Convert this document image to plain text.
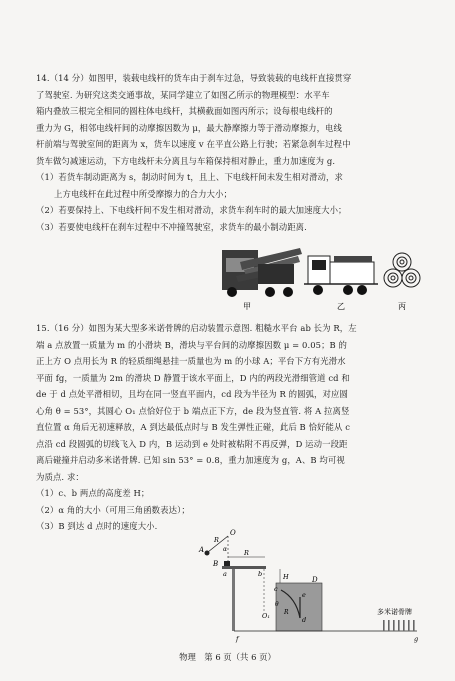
14.（14 分）如图甲，装载电线杆的货车由于刹车过急，导致装载的电线杆直接贯穿

了驾驶室. 为研究这类交通事故，某同学建立了如图乙所示的物理模型：水平车

箱内叠放三根完全相同的圆柱体电线杆，其横截面如图丙所示；设每根电线杆的

重力为 G，相邻电线杆间的动摩擦因数为 μ，最大静摩擦力等于滑动摩擦力，电线

杆前端与驾驶室间的距离为 x，货车以速度 v 在平直公路上行驶；若紧急刹车过程中

货车做匀减速运动，下方电线杆未分离且与车箱保持相对静止，重力加速度为 g.

（1）若货车制动距离为 s，制动时间为 t，且上、下电线杆间未发生相对滑动，求

上方电线杆在此过程中所受摩擦力的合力大小；

（2）若要保持上、下电线杆间不发生相对滑动，求货车刹车时的最大加速度大小；

（3）若要使电线杆在刹车过程中不冲撞驾驶室，求货车的最小制动距离.

甲	乙	丙

15.（16 分）如图为某大型多米诺骨牌的启动装置示意图. 粗糙水平台 ab 长为 R，左

端 a 点放置一质量为 m 的小滑块 B，滑块与平台间的动摩擦因数 μ = 0.05；B 的

正上方 O 点用长为 R 的轻质细绳悬挂一质量也为 m 的小球 A；平台下方有光滑水

平面 fg，一质量为 2m 的滑块 D 静置于该水平面上，D 内的两段光滑细管道 cd 和

de 于 d 点处平滑相切，且均在同一竖直平面内，cd 段为半径为 R 的圆弧，对应圆

心角 θ = 53°，其圆心 O₁ 点恰好位于 b 端点正下方，de 段为竖直管. 将 A 拉离竖

直位置 α 角后无初速释放，A 到达最低点时与 B 发生弹性正碰，此后 B 恰好能从 c

点沿 cd 段圆弧的切线飞入 D 内，B 运动到 e 处时被粘附不再反弹，D 运动一段距

离后碰撞并启动多米诺骨牌. 已知 sin 53° = 0.8，重力加速度为 g，A、B 均可视

为质点. 求：

（1）c、b 两点的高度差 H；

（2）α 角的大小（可用三角函数表达）；

（3）B 到达 d 点时的速度大小.

O
A
R
α
B
a
R
b	H
c
D
e
d
θ
O₁ R
f	g
多米诺骨牌
物理　第 6 页（共 6 页）
